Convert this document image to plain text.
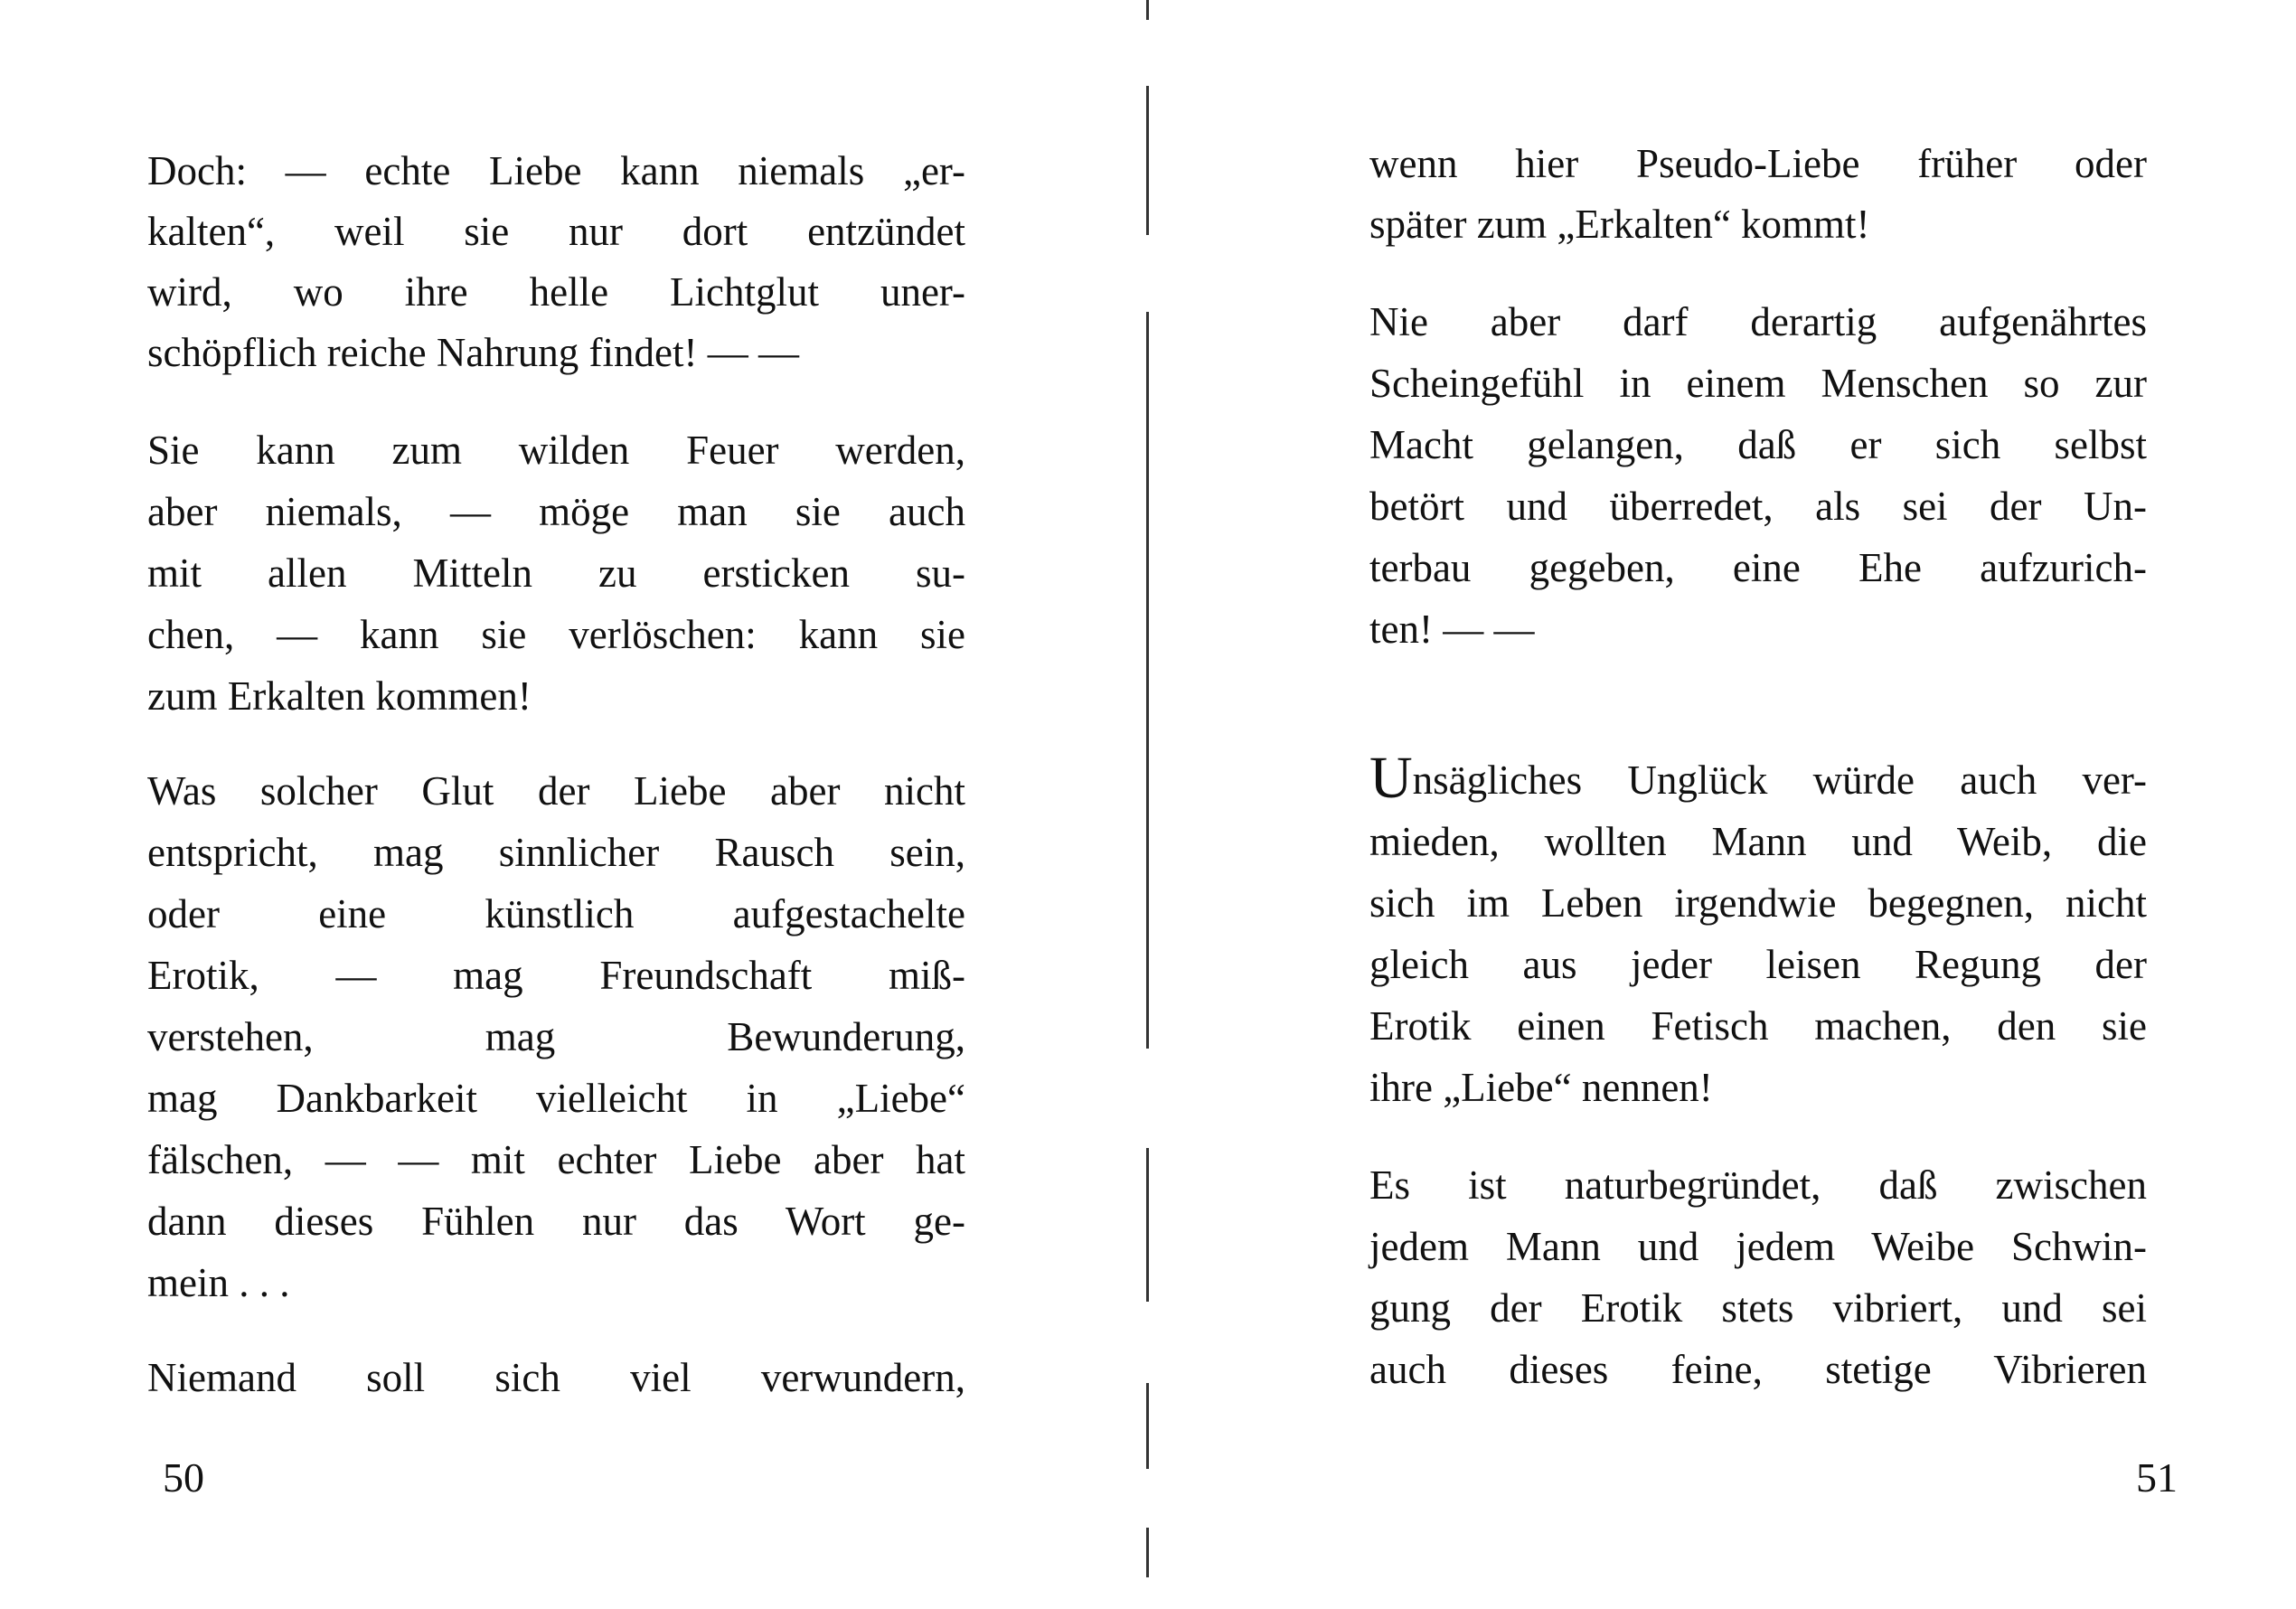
Doch: — echte Liebe kann niemals „er-
kalten“, weil sie nur dort entzündet
wird, wo ihre helle Lichtglut uner-
schöpflich reiche Nahrung findet! — —
Sie kann zum wilden Feuer werden,
aber niemals, — möge man sie auch
mit allen Mitteln zu ersticken su-
chen, — kann sie verlöschen: kann sie
zum Erkalten kommen!
Was solcher Glut der Liebe aber nicht
entspricht, mag sinnlicher Rausch sein,
oder eine künstlich aufgestachelte
Erotik, — mag Freundschaft miß-
verstehen, mag Bewunderung,
mag Dankbarkeit vielleicht in „Liebe“
fälschen, — — mit echter Liebe aber hat
dann dieses Fühlen nur das Wort ge-
mein . . .
Niemand soll sich viel verwundern,
50
wenn hier Pseudo-Liebe früher oder
später zum „Erkalten“ kommt!
Nie aber darf derartig aufgenährtes
Scheingefühl in einem Menschen so zur
Macht gelangen, daß er sich selbst
betört und überredet, als sei der Un-
terbau gegeben, eine Ehe aufzurich-
ten! — —
Unsägliches Unglück würde auch ver-
mieden, wollten Mann und Weib, die
sich im Leben irgendwie begegnen, nicht
gleich aus jeder leisen Regung der
Erotik einen Fetisch machen, den sie
ihre „Liebe“ nennen!
Es ist naturbegründet, daß zwischen
jedem Mann und jedem Weibe Schwin-
gung der Erotik stets vibriert, und sei
auch dieses feine, stetige Vibrieren
51
